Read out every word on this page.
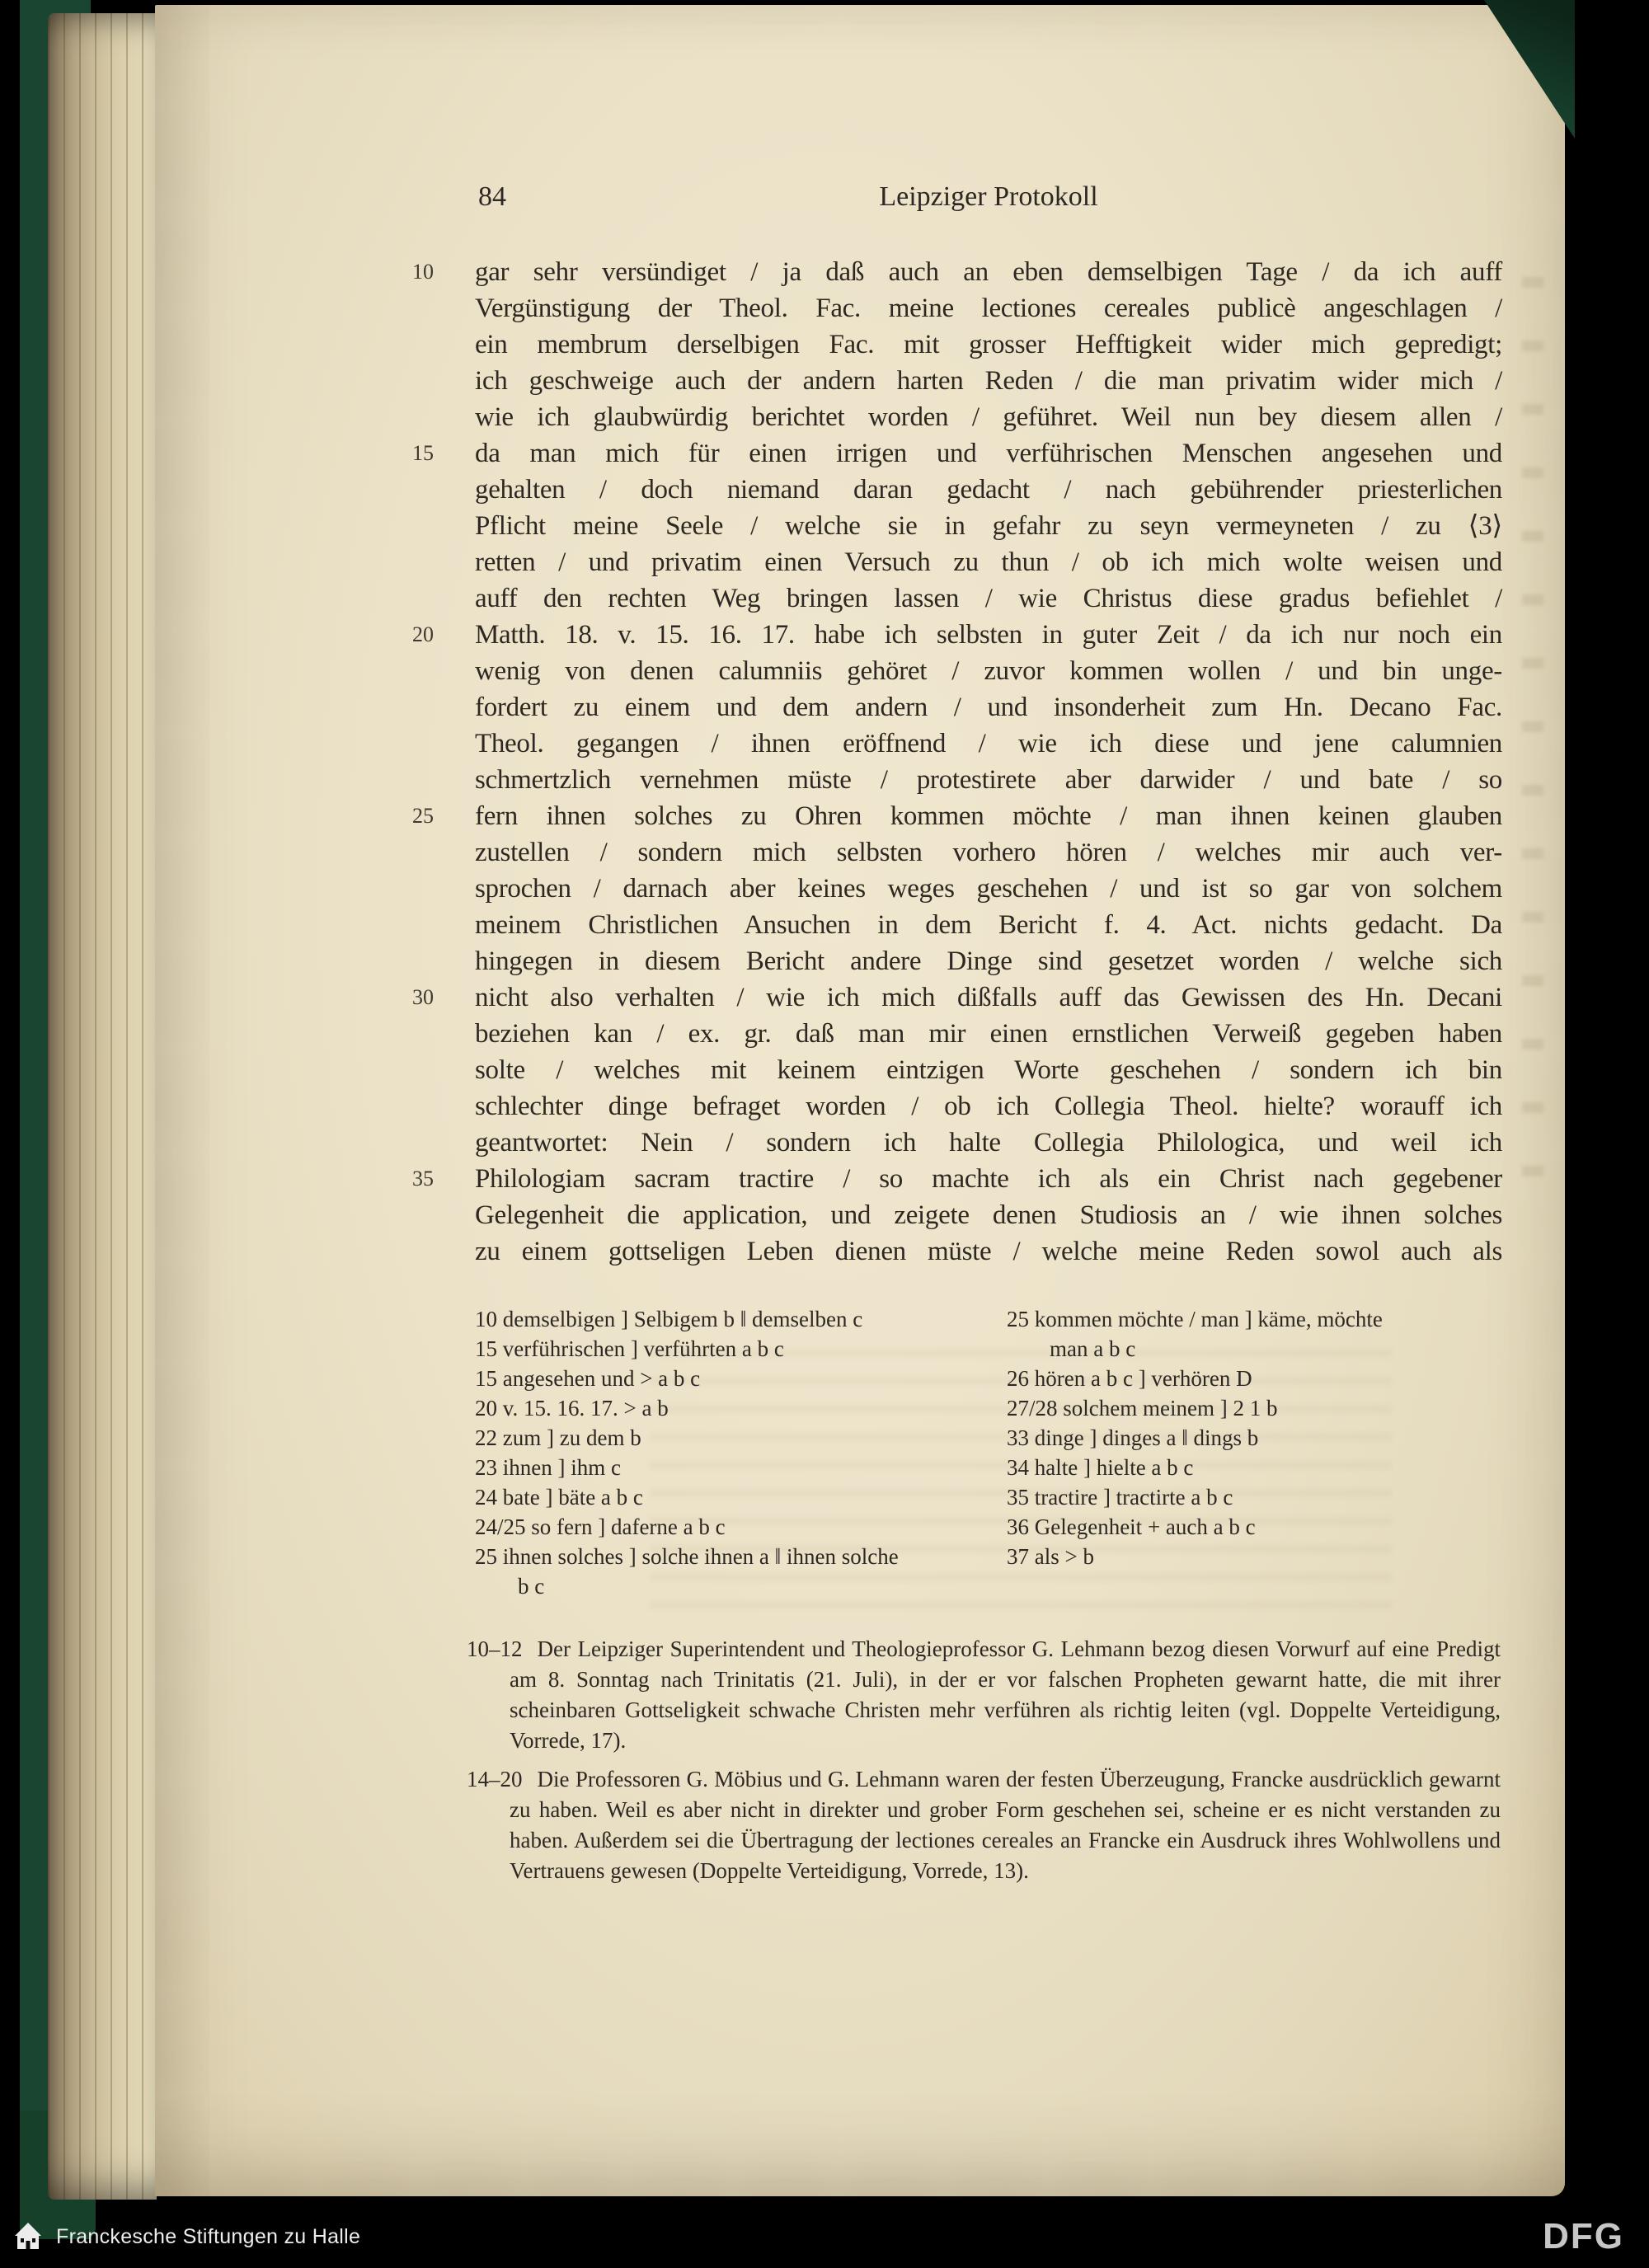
84	Leipziger Protokoll
10	gar sehr versündiget / ja daß auch an eben demselbigen Tage / da ich auff
Vergünstigung der Theol. Fac. meine lectiones cereales publicè angeschlagen /
ein membrum derselbigen Fac. mit grosser Hefftigkeit wider mich gepredigt;
ich geschweige auch der andern harten Reden / die man privatim wider mich /
wie ich glaubwürdig berichtet worden / geführet. Weil nun bey diesem allen /
15	da man mich für einen irrigen und verführischen Menschen angesehen und
gehalten / doch niemand daran gedacht / nach gebührender priesterlichen
Pflicht meine Seele / welche sie in gefahr zu seyn vermeyneten / zu ⟨3⟩
retten / und privatim einen Versuch zu thun / ob ich mich wolte weisen und
auff den rechten Weg bringen lassen / wie Christus diese gradus befiehlet /
20	Matth. 18. v. 15. 16. 17. habe ich selbsten in guter Zeit / da ich nur noch ein
wenig von denen calumniis gehöret / zuvor kommen wollen / und bin unge-
fordert zu einem und dem andern / und insonderheit zum Hn. Decano Fac.
Theol. gegangen / ihnen eröffnend / wie ich diese und jene calumnien
schmertzlich vernehmen müste / protestirete aber darwider / und bate / so
25	fern ihnen solches zu Ohren kommen möchte / man ihnen keinen glauben
zustellen / sondern mich selbsten vorhero hören / welches mir auch ver-
sprochen / darnach aber keines weges geschehen / und ist so gar von solchem
meinem Christlichen Ansuchen in dem Bericht f. 4. Act. nichts gedacht. Da
hingegen in diesem Bericht andere Dinge sind gesetzet worden / welche sich
30	nicht also verhalten / wie ich mich dißfalls auff das Gewissen des Hn. Decani
beziehen kan / ex. gr. daß man mir einen ernstlichen Verweiß gegeben haben
solte / welches mit keinem eintzigen Worte geschehen / sondern ich bin
schlechter dinge befraget worden / ob ich Collegia Theol. hielte? worauff ich
geantwortet: Nein / sondern ich halte Collegia Philologica, und weil ich
35	Philologiam sacram tractire / so machte ich als ein Christ nach gegebener
Gelegenheit die application, und zeigete denen Studiosis an / wie ihnen solches
zu einem gottseligen Leben dienen müste / welche meine Reden sowol auch als
10 demselbigen ] Selbigem b ‖ demselben c
15 verführischen ] verführten a b c
15 angesehen und > a b c
20 v. 15. 16. 17. > a b
22 zum ] zu dem b
23 ihnen ] ihm c
24 bate ] bäte a b c
24/25 so fern ] daferne a b c
25 ihnen solches ] solche ihnen a ‖ ihnen solche
b c
25 kommen möchte / man ] käme, möchte
man a b c
26 hören a b c ] verhören D
27/28 solchem meinem ] 2 1 b
33 dinge ] dinges a ‖ dings b
34 halte ] hielte a b c
35 tractire ] tractirte a b c
36 Gelegenheit + auch a b c
37 als > b

10–12 Der Leipziger Superintendent und Theologieprofessor G. Lehmann bezog diesen Vorwurf auf eine Predigt am 8. Sonntag nach Trinitatis (21. Juli), in der er vor falschen Propheten gewarnt hatte, die mit ihrer scheinbaren Gottseligkeit schwache Christen mehr verführen als richtig leiten (vgl. Doppelte Verteidigung, Vorrede, 17).

14–20 Die Professoren G. Möbius und G. Lehmann waren der festen Überzeugung, Francke ausdrücklich gewarnt zu haben. Weil es aber nicht in direkter und grober Form geschehen sei, scheine er es nicht verstanden zu haben. Außerdem sei die Übertragung der lectiones cereales an Francke ein Ausdruck ihres Wohlwollens und Vertrauens gewesen (Doppelte Verteidigung, Vorrede, 13).

Franckesche Stiftungen zu Halle	DFG
